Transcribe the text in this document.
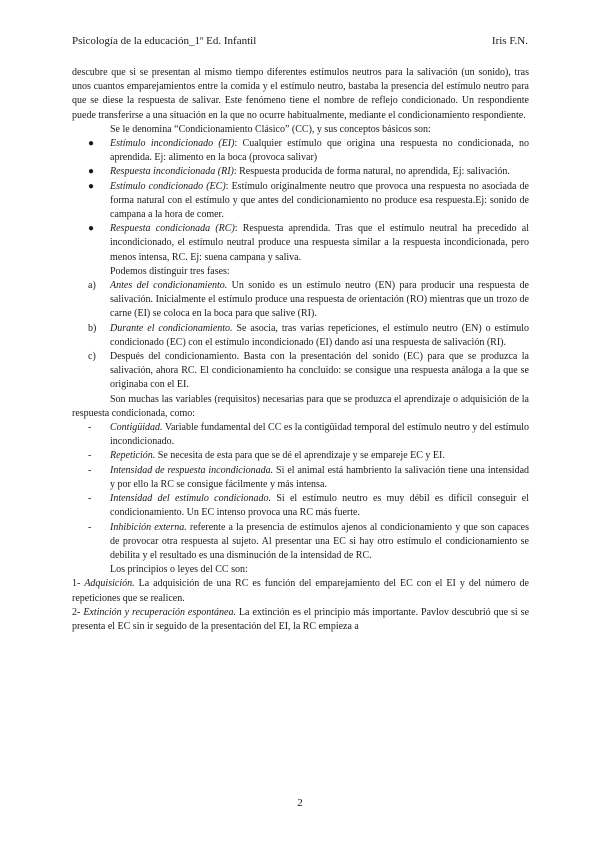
Psicología de la educación_1º Ed. Infantil	Iris F.N.

descubre que si se presentan al mismo tiempo diferentes estímulos neutros para la salivación (un sonido), tras unos cuantos emparejamientos entre la comida y el estímulo neutro, bastaba la presencia del estímulo neutro para que se diese la respuesta de salivar. Este fenómeno tiene el nombre de reflejo condicionado. Un respondiente puede transferirse a una situación en la que no ocurre habitualmente, mediante el condicionamiento respondiente.

Se le denomina “Condicionamiento Clásico” (CC), y sus conceptos básicos son:

●	Estímulo incondicionado (EI): Cualquier estímulo que origina una respuesta no condicionada, no aprendida. Ej: alimento en la boca (provoca salivar)
●	Respuesta incondicionada (RI): Respuesta producida de forma natural, no aprendida, Ej: salivación.
●	Estímulo condicionado (EC): Estímulo originalmente neutro que provoca una respuesta no asociada de forma natural con el estímulo y que antes del condicionamiento no produce esa respuesta.Ej: sonido de campana a la hora de comer.
●	Respuesta condicionada (RC): Respuesta aprendida. Tras que el estímulo neutral ha precedido al incondicionado, el estímulo neutral produce una respuesta similar a la respuesta incondicionada, pero menos intensa, RC. Ej: suena campana y saliva.

Podemos distinguir tres fases:

a)	Antes del condicionamiento. Un sonido es un estímulo neutro (EN) para producir una respuesta de salivación. Inicialmente el estímulo produce una respuesta de orientación (RO) mientras que un trozo de carne (EI) se coloca en la boca para que salive (RI).
b)	Durante el condicionamiento. Se asocia, tras varias repeticiones, el estímulo neutro (EN) o estímulo condicionado (EC) con el estímulo incondicionado (EI) dando así una respuesta de salivación (RI).
c)	Después del condicionamiento. Basta con la presentación del sonido (EC) para que se produzca la salivación, ahora RC. El condicionamiento ha concluido: se consigue una respuesta análoga a la que se originaba con el EI.

Son muchas las variables (requisitos) necesarias para que se produzca el aprendizaje o adquisición de la respuesta condicionada, como:

-	Contigüidad. Variable fundamental del CC es la contigüidad temporal del estímulo neutro y del estímulo incondicionado.
-	Repetición. Se necesita de esta para que se dé el aprendizaje y se empareje EC y EI.
-	Intensidad de respuesta incondicionada. Si el animal está hambriento la salivación tiene una intensidad y por ello la RC se consigue fácilmente y más intensa.
-	Intensidad del estímulo condicionado. Si el estímulo neutro es muy débil es difícil conseguir el condicionamiento. Un EC intenso provoca una RC más fuerte.
-	Inhibición externa. referente a la presencia de estímulos ajenos al condicionamiento y que son capaces de provocar otra respuesta al sujeto. Al presentar una EC si hay otro estímulo el condicionamiento se debilita y el resultado es una disminución de la intensidad de RC.

Los principios o leyes del CC son:

1- Adquisición. La adquisición de una RC es función del emparejamiento del EC con el EI y del número de repeticiones que se realicen.

2- Extinción y recuperación espontánea. La extinción es el principio más importante. Pavlov descubrió que si se presenta el EC sin ir seguido de la presentación del EI, la RC empieza a

2
